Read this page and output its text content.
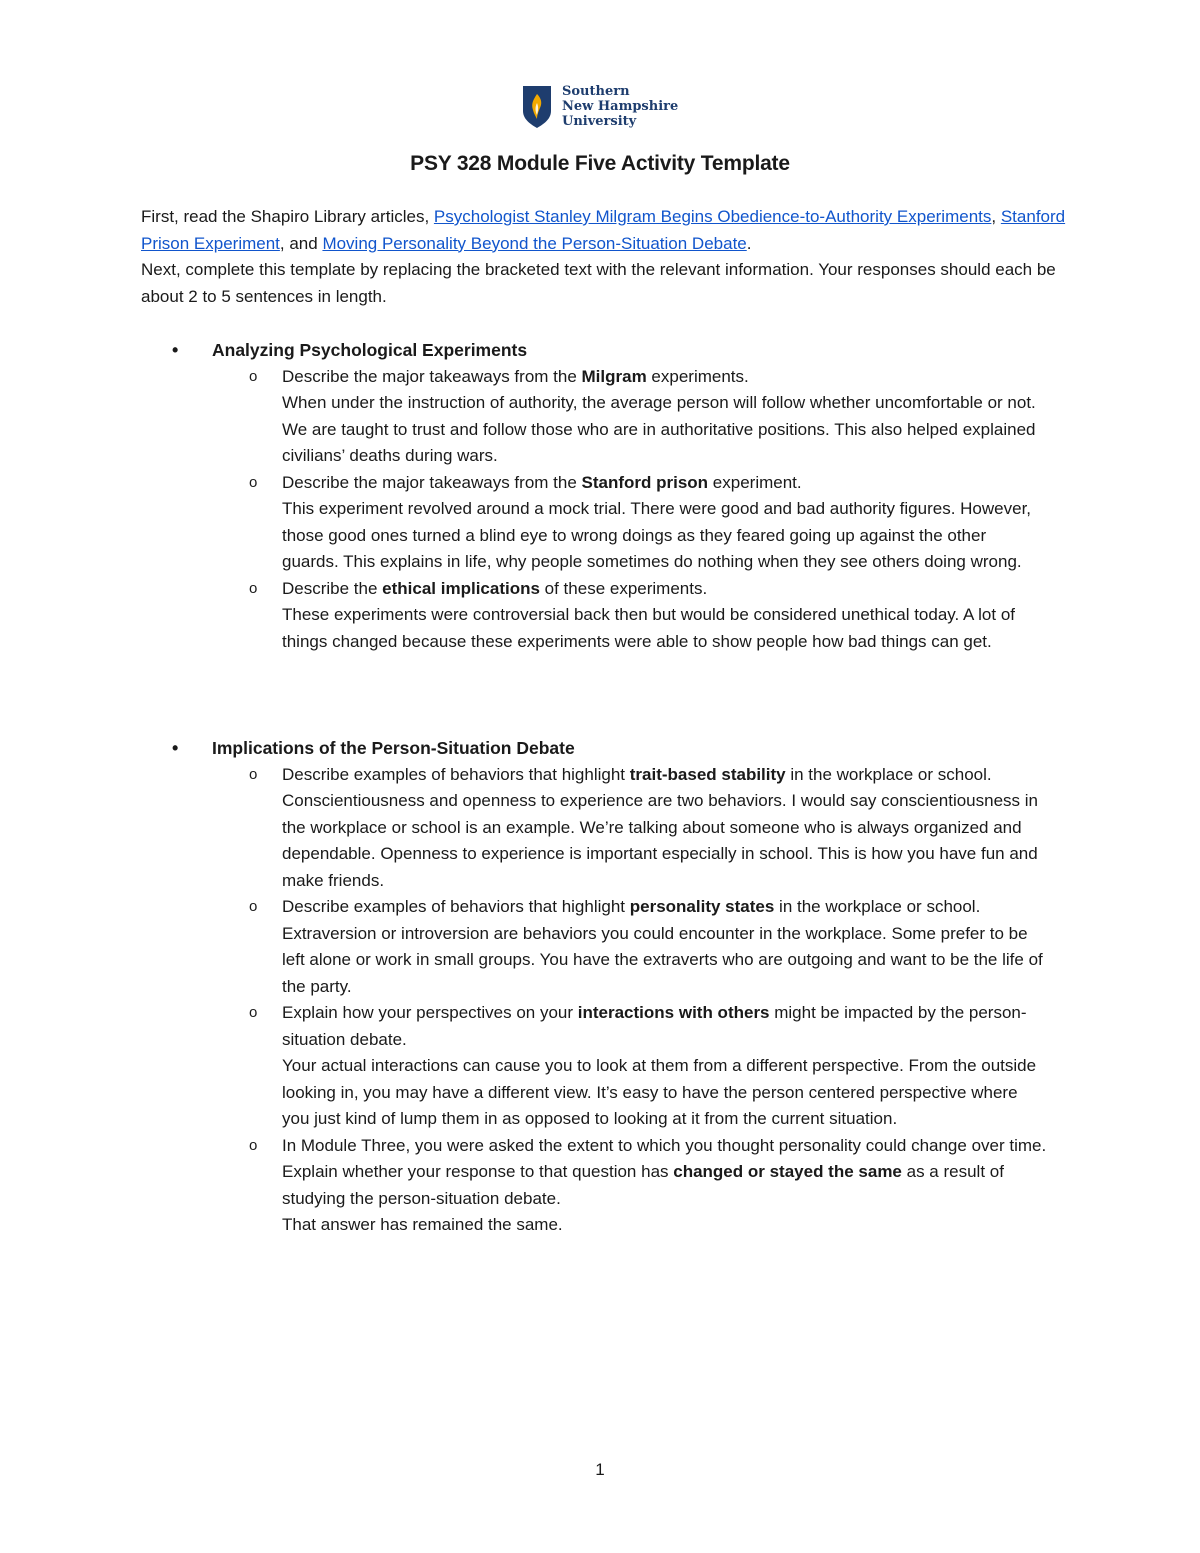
Southern
New Hampshire
University
PSY 328 Module Five Activity Template
First, read the Shapiro Library articles, Psychologist Stanley Milgram Begins Obedience-to-Authority Experiments, Stanford Prison Experiment, and Moving Personality Beyond the Person-Situation Debate.
Next, complete this template by replacing the bracketed text with the relevant information. Your responses should each be about 2 to 5 sentences in length.
•	Analyzing Psychological Experiments
o Describe the major takeaways from the Milgram experiments.

When under the instruction of authority, the average person will follow whether uncomfortable or not. We are taught to trust and follow those who are in authoritative positions. This also helped explained civilians’ deaths during wars.

o Describe the major takeaways from the Stanford prison experiment.

This experiment revolved around a mock trial. There were good and bad authority figures. However, those good ones turned a blind eye to wrong doings as they feared going up against the other guards. This explains in life, why people sometimes do nothing when they see others doing wrong.

o Describe the ethical implications of these experiments.

These experiments were controversial back then but would be considered unethical today. A lot of things changed because these experiments were able to show people how bad things can get.

•	Implications of the Person-Situation Debate
o Describe examples of behaviors that highlight trait-based stability in the workplace or school.

Conscientiousness and openness to experience are two behaviors. I would say conscientiousness in the workplace or school is an example. We’re talking about someone who is always organized and dependable. Openness to experience is important especially in school. This is how you have fun and make friends.

o Describe examples of behaviors that highlight personality states in the workplace or school.

Extraversion or introversion are behaviors you could encounter in the workplace. Some prefer to be left alone or work in small groups. You have the extraverts who are outgoing and want to be the life of the party.

o Explain how your perspectives on your interactions with others might be impacted by the person-situation debate.

Your actual interactions can cause you to look at them from a different perspective. From the outside looking in, you may have a different view. It’s easy to have the person centered perspective where you just kind of lump them in as opposed to looking at it from the current situation.

o In Module Three, you were asked the extent to which you thought personality could change over time. Explain whether your response to that question has changed or stayed the same as a result of studying the person-situation debate.

That answer has remained the same.

1
